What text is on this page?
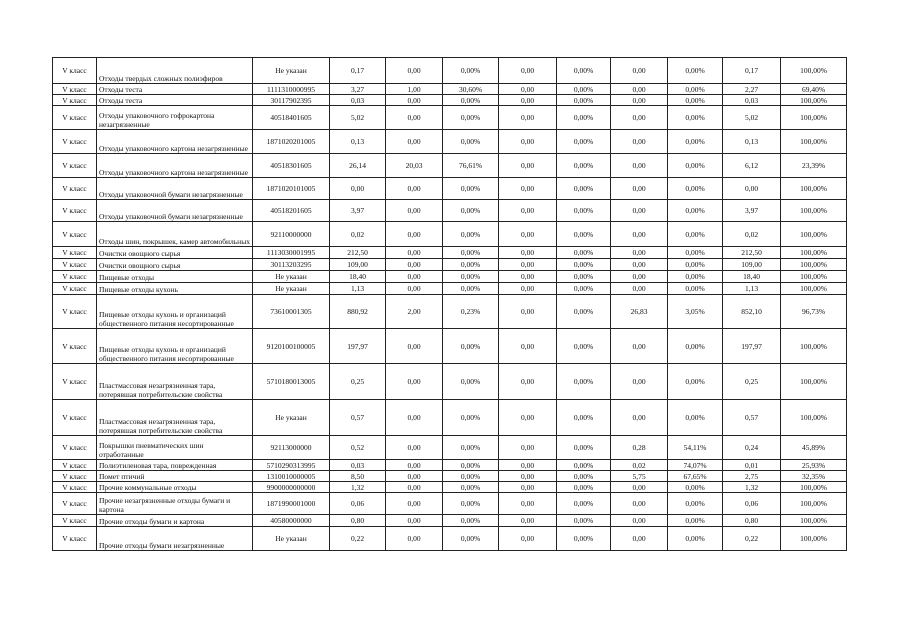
V класс	Отходы твердых сложных полиэфиров	Не указан	0,17	0,00	0,00%	0,00	0,00%	0,00	0,00%	0,17	100,00%
V класс	Отходы теста	1111310000995	3,27	1,00	30,60%	0,00	0,00%	0,00	0,00%	2,27	69,40%
V класс	Отходы теста	30117902395	0,03	0,00	0,00%	0,00	0,00%	0,00	0,00%	0,03	100,00%
V класс	Отходы упаковочного гофрокартона незагрязненные	40518401605	5,02	0,00	0,00%	0,00	0,00%	0,00	0,00%	5,02	100,00%
V класс	Отходы упаковочного картона незагрязненные	1871020201005	0,13	0,00	0,00%	0,00	0,00%	0,00	0,00%	0,13	100,00%
V класс	Отходы упаковочного картона незагрязненные	40518301605	26,14	20,03	76,61%	0,00	0,00%	0,00	0,00%	6,12	23,39%
V класс	Отходы упаковочной бумаги незагрязненные	1871020101005	0,00	0,00	0,00%	0,00	0,00%	0,00	0,00%	0,00	100,00%
V класс	Отходы упаковочной бумаги незагрязненные	40518201605	3,97	0,00	0,00%	0,00	0,00%	0,00	0,00%	3,97	100,00%
V класс	Отходы шин, покрышек, камер автомобильных	92110000000	0,02	0,00	0,00%	0,00	0,00%	0,00	0,00%	0,02	100,00%
V класс	Очистки овощного сырья	1113030001995	212,50	0,00	0,00%	0,00	0,00%	0,00	0,00%	212,50	100,00%
V класс	Очистки овощного сырья	30113203295	109,00	0,00	0,00%	0,00	0,00%	0,00	0,00%	109,00	100,00%
V класс	Пищевые отходы	Не указан	18,40	0,00	0,00%	0,00	0,00%	0,00	0,00%	18,40	100,00%
V класс	Пищевые отходы кухонь	Не указан	1,13	0,00	0,00%	0,00	0,00%	0,00	0,00%	1,13	100,00%
V класс	Пищевые отходы кухонь и организаций общественного питания несортированные	73610001305	880,92	2,00	0,23%	0,00	0,00%	26,83	3,05%	852,10	96,73%
V класс	Пищевые отходы кухонь и организаций общественного питания несортированные	9120100100005	197,97	0,00	0,00%	0,00	0,00%	0,00	0,00%	197,97	100,00%
V класс	Пластмассовая незагрязненная тара, потерявшая потребительские свойства	5710180013005	0,25	0,00	0,00%	0,00	0,00%	0,00	0,00%	0,25	100,00%
V класс	Пластмассовая незагрязненная тара, потерявшая потребительские свойства	Не указан	0,57	0,00	0,00%	0,00	0,00%	0,00	0,00%	0,57	100,00%
V класс	Покрышки пневматических шин отработанные	92113000000	0,52	0,00	0,00%	0,00	0,00%	0,28	54,11%	0,24	45,89%
V класс	Полиэтиленовая тара, поврежденная	5710290313995	0,03	0,00	0,00%	0,00	0,00%	0,02	74,07%	0,01	25,93%
V класс	Помет птичий	1310010000005	8,50	0,00	0,00%	0,00	0,00%	5,75	67,65%	2,75	32,35%
V класс	Прочие коммунальные отходы	9900000000000	1,32	0,00	0,00%	0,00	0,00%	0,00	0,00%	1,32	100,00%
V класс	Прочие незагрязненные отходы бумаги и картона	1871990001000	0,06	0,00	0,00%	0,00	0,00%	0,00	0,00%	0,06	100,00%
V класс	Прочие отходы бумаги и картона	40580000000	0,80	0,00	0,00%	0,00	0,00%	0,00	0,00%	0,80	100,00%
V класс	Прочие отходы бумаги незагрязненные	Не указан	0,22	0,00	0,00%	0,00	0,00%	0,00	0,00%	0,22	100,00%
